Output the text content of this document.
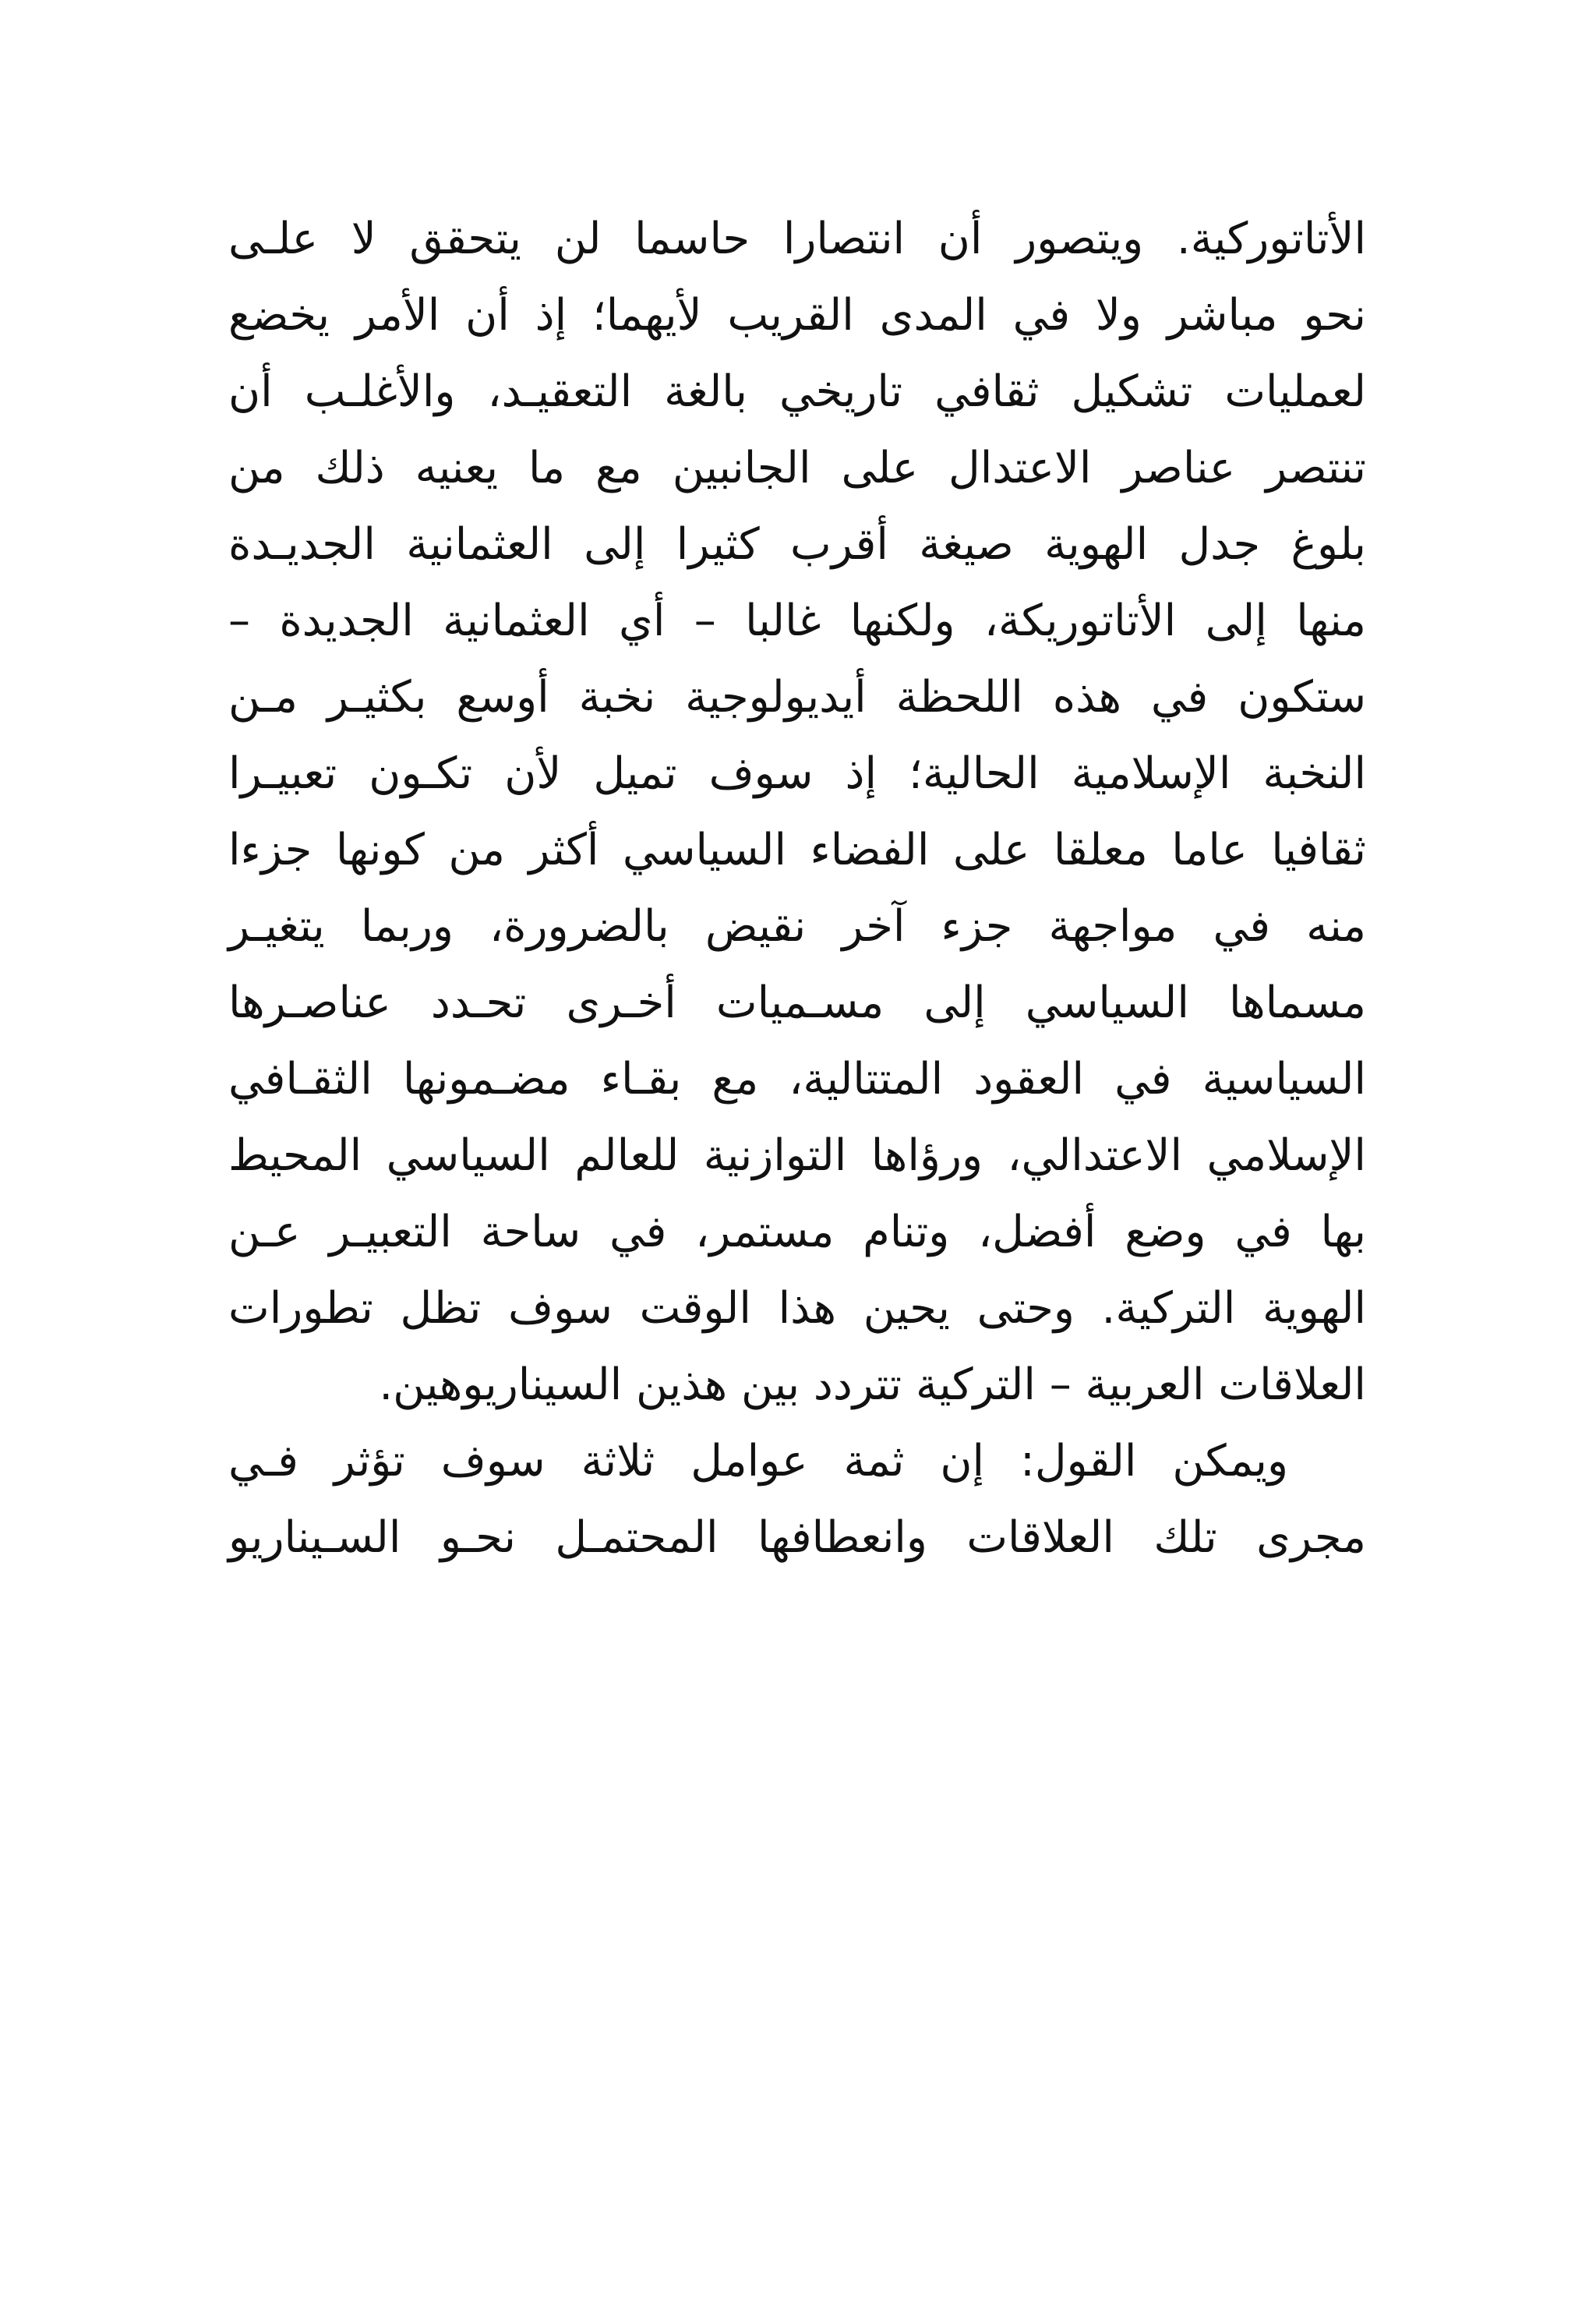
الأتاتوركية. ويتصور أن انتصارا حاسما لن يتحقق لا علـى
نحو مباشر ولا في المدى القريب لأيهما؛ إذ أن الأمر يخضع
لعمليات تشكيل ثقافي تاريخي بالغة التعقيـد، والأغلـب أن
تنتصر عناصر الاعتدال على الجانبين مع ما يعنيه ذلك من
بلوغ جدل الهوية صيغة أقرب كثيرا إلى العثمانية الجديـدة
منها إلى الأتاتوريكة، ولكنها غالبا – أي العثمانية الجديدة –
ستكون في هذه اللحظة أيديولوجية نخبة أوسع بكثيـر مـن
النخبة الإسلامية الحالية؛ إذ سوف تميل لأن تكـون تعبيـرا
ثقافيا عاما معلقا على الفضاء السياسي أكثر من كونها جزءا
منه في مواجهة جزء آخر نقيض بالضرورة، وربما يتغيـر
مسماها السياسي إلى مسـميات أخـرى تحـدد عناصـرها
السياسية في العقود المتتالية، مع بقـاء مضـمونها الثقـافي
الإسلامي الاعتدالي، ورؤاها التوازنية للعالم السياسي المحيط
بها في وضع أفضل، وتنام مستمر، في ساحة التعبيـر عـن
الهوية التركية. وحتى يحين هذا الوقت سوف تظل تطورات
العلاقات العربية – التركية تتردد بين هذين السيناريوهين.
ويمكن القول: إن ثمة عوامل ثلاثة سوف تؤثر فـي
مجرى تلك العلاقات وانعطافها المحتمـل نحـو السـيناريو
